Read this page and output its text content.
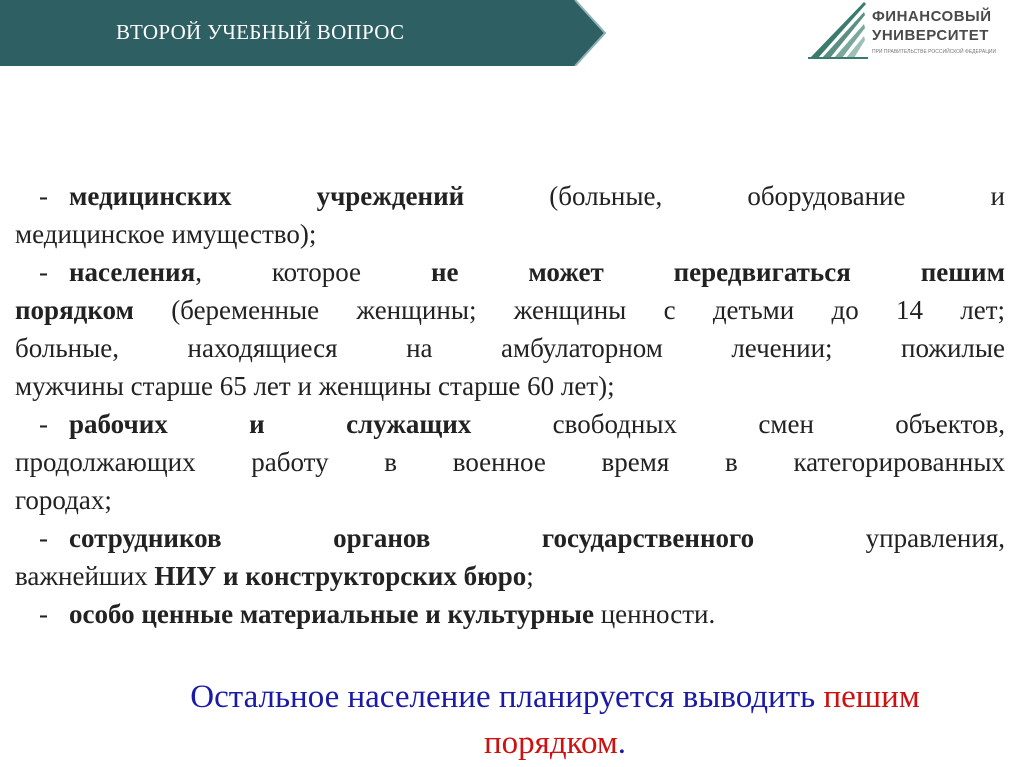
ВТОРОЙ УЧЕБНЫЙ ВОПРОС
ФИНАНСОВЫЙ
УНИВЕРСИТЕТ
ПРИ ПРАВИТЕЛЬСТВЕ РОССИЙСКОЙ ФЕДЕРАЦИИ
- медицинских учреждений	(больные, оборудование и
медицинское имущество);
- населения, которое	не может передвигаться пешим
порядком (беременные женщины; женщины с детьми до 14 лет;
больные, находящиеся на амбулаторном лечении; пожилые
мужчины старше 65 лет и женщины старше 60 лет);
- рабочих и служащих	свободных смен объектов,
продолжающих работу в военное время в категорированных
городах;
- сотрудников органов государственного	управления,
важнейших НИУ и конструкторских бюро;
- особо ценные материальные и культурные ценности.
Остальное население планируется выводить пешим
порядком.
